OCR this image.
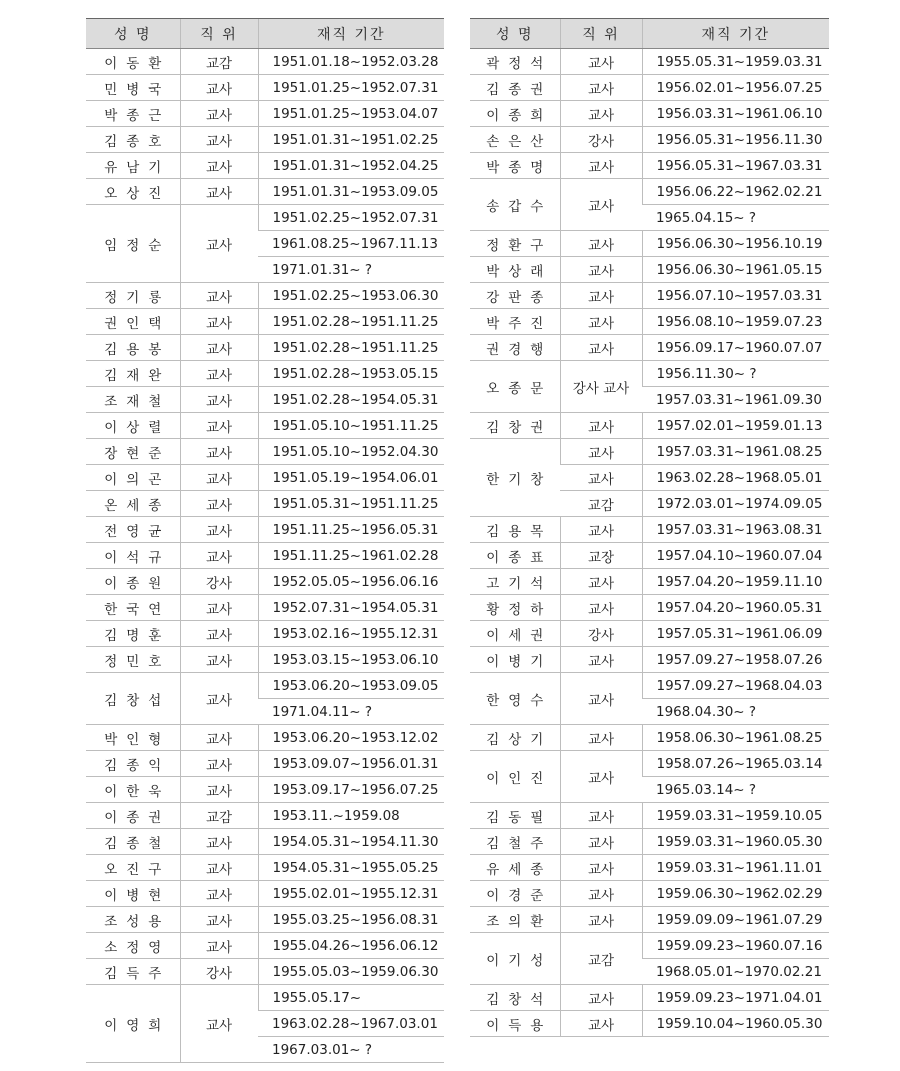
성 명	직 위	재직 기간
이동환	교감	1951.01.18~1952.03.28
민병국	교사	1951.01.25~1952.07.31
박종근	교사	1951.01.25~1953.04.07
김종호	교사	1951.01.31~1951.02.25
유남기	교사	1951.01.31~1952.04.25
오상진	교사	1951.01.31~1953.09.05
임정순	교사	1951.02.25~1952.07.31
		1961.08.25~1967.11.13
		1971.01.31~ ?
정기룡	교사	1951.02.25~1953.06.30
권인택	교사	1951.02.28~1951.11.25
김용봉	교사	1951.02.28~1951.11.25
김재완	교사	1951.02.28~1953.05.15
조재철	교사	1951.02.28~1954.05.31
이상렬	교사	1951.05.10~1951.11.25
장현준	교사	1951.05.10~1952.04.30
이의곤	교사	1951.05.19~1954.06.01
온세종	교사	1951.05.31~1951.11.25
전영균	교사	1951.11.25~1956.05.31
이석규	교사	1951.11.25~1961.02.28
이종원	강사	1952.05.05~1956.06.16
한국연	교사	1952.07.31~1954.05.31
김명훈	교사	1953.02.16~1955.12.31
정민호	교사	1953.03.15~1953.06.10
김창섭	교사	1953.06.20~1953.09.05
		1971.04.11~ ?
박인형	교사	1953.06.20~1953.12.02
김종익	교사	1953.09.07~1956.01.31
이한욱	교사	1953.09.17~1956.07.25
이종권	교감	1953.11.~1959.08
김종철	교사	1954.05.31~1954.11.30
오진구	교사	1954.05.31~1955.05.25
이병현	교사	1955.02.01~1955.12.31
조성용	교사	1955.03.25~1956.08.31
소정영	교사	1955.04.26~1956.06.12
김득주	강사	1955.05.03~1959.06.30
이영희	교사	1955.05.17~
		1963.02.28~1967.03.01
		1967.03.01~ ?
성 명	직 위	재직 기간
곽정석	교사	1955.05.31~1959.03.31
김종권	교사	1956.02.01~1956.07.25
이종희	교사	1956.03.31~1961.06.10
손은산	강사	1956.05.31~1956.11.30
박종명	교사	1956.05.31~1967.03.31
송갑수	교사	1956.06.22~1962.02.21
		1965.04.15~ ?
정환구	교사	1956.06.30~1956.10.19
박상래	교사	1956.06.30~1961.05.15
강판종	교사	1956.07.10~1957.03.31
박주진	교사	1956.08.10~1959.07.23
권경행	교사	1956.09.17~1960.07.07
오종문	강사 교사	1956.11.30~ ?
		1957.03.31~1961.09.30
김창권	교사	1957.02.01~1959.01.13
한기창	교사	1957.03.31~1961.08.25
	교사	1963.02.28~1968.05.01
	교감	1972.03.01~1974.09.05
김용목	교사	1957.03.31~1963.08.31
이종표	교장	1957.04.10~1960.07.04
고기석	교사	1957.04.20~1959.11.10
황정하	교사	1957.04.20~1960.05.31
이세권	강사	1957.05.31~1961.06.09
이병기	교사	1957.09.27~1958.07.26
한영수	교사	1957.09.27~1968.04.03
		1968.04.30~ ?
김상기	교사	1958.06.30~1961.08.25
이인진	교사	1958.07.26~1965.03.14
		1965.03.14~ ?
김동필	교사	1959.03.31~1959.10.05
김철주	교사	1959.03.31~1960.05.30
유세종	교사	1959.03.31~1961.11.01
이경준	교사	1959.06.30~1962.02.29
조의환	교사	1959.09.09~1961.07.29
이기성	교감	1959.09.23~1960.07.16
		1968.05.01~1970.02.21
김창석	교사	1959.09.23~1971.04.01
이득용	교사	1959.10.04~1960.05.30
